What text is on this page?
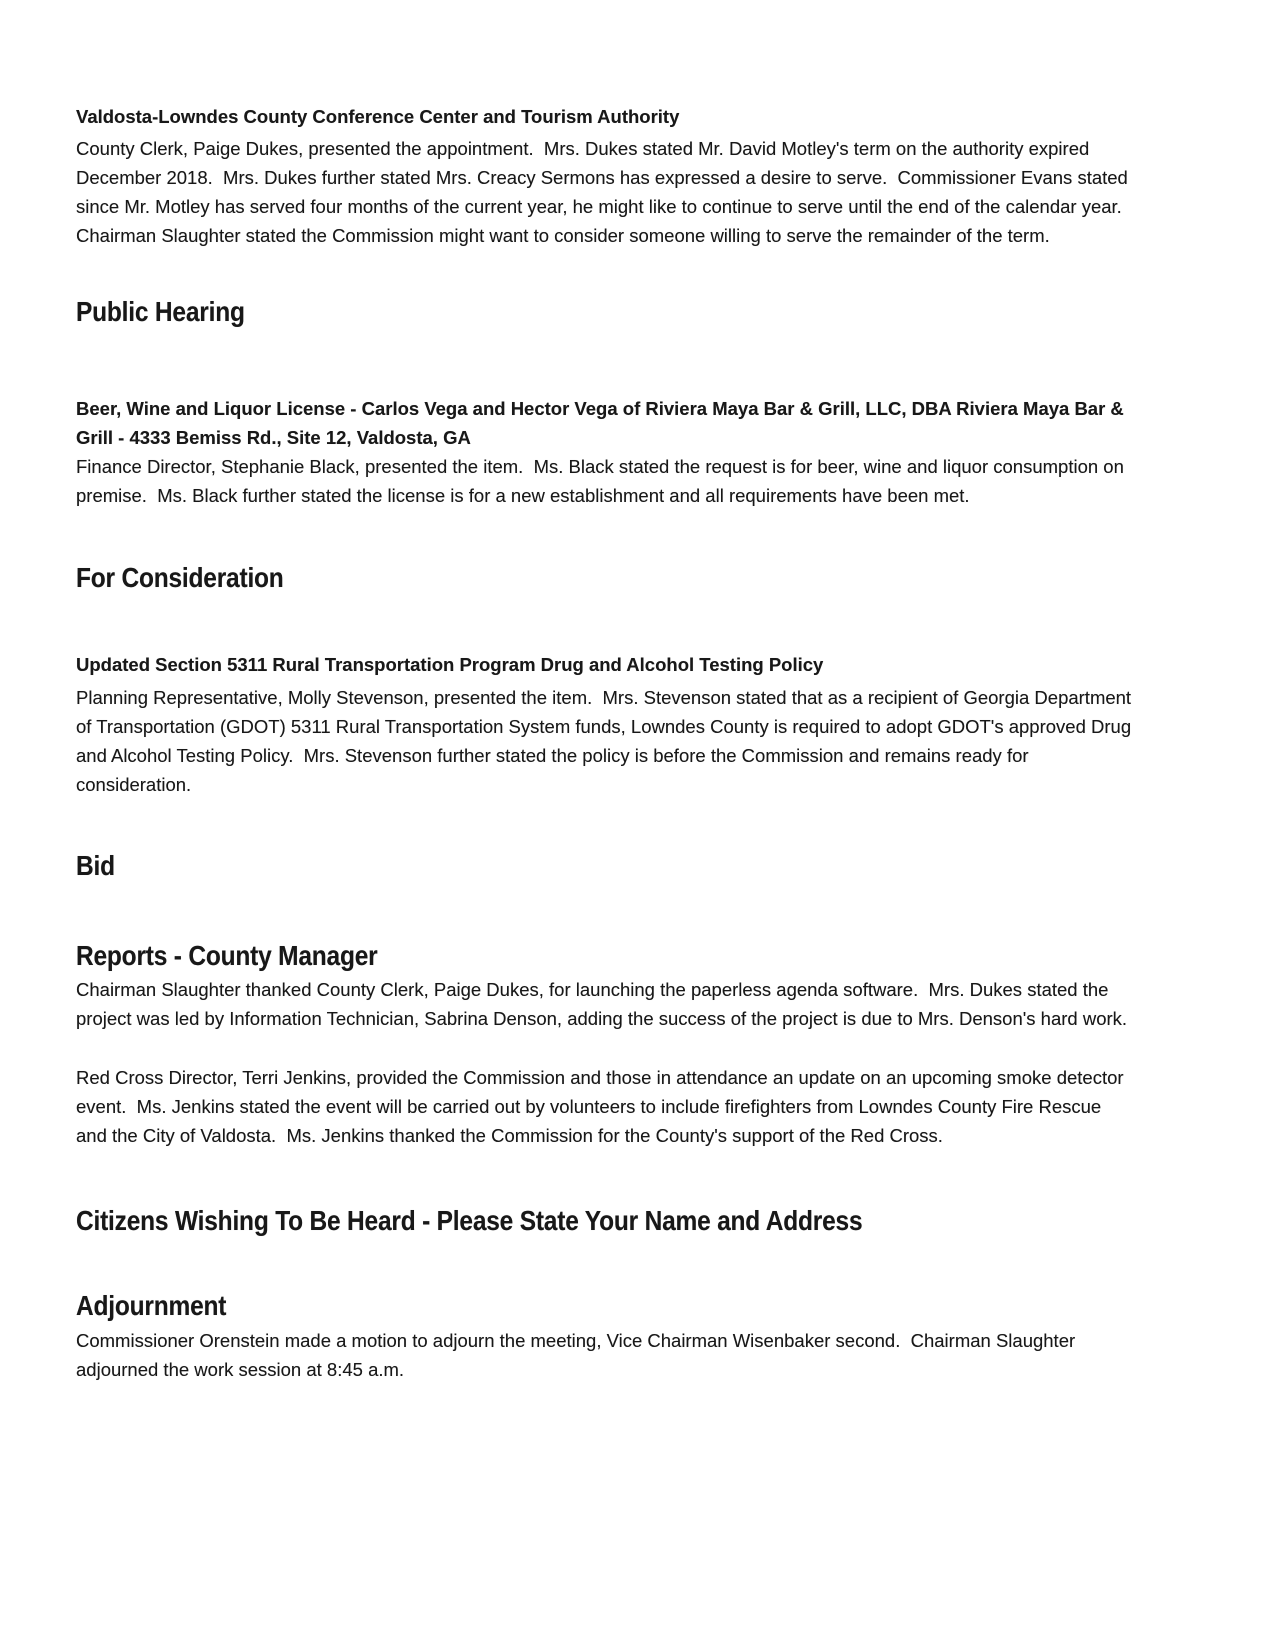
Valdosta-Lowndes County Conference Center and Tourism Authority
County Clerk, Paige Dukes, presented the appointment.  Mrs. Dukes stated Mr. David Motley's term on the authority expired December 2018.  Mrs. Dukes further stated Mrs. Creacy Sermons has expressed a desire to serve.  Commissioner Evans stated since Mr. Motley has served four months of the current year, he might like to continue to serve until the end of the calendar year.  Chairman Slaughter stated the Commission might want to consider someone willing to serve the remainder of the term.
Public Hearing
Beer, Wine and Liquor License - Carlos Vega and Hector Vega of Riviera Maya Bar & Grill, LLC, DBA Riviera Maya Bar & Grill - 4333 Bemiss Rd., Site 12, Valdosta, GA
Finance Director, Stephanie Black, presented the item.  Ms. Black stated the request is for beer, wine and liquor consumption on premise.  Ms. Black further stated the license is for a new establishment and all requirements have been met.
For Consideration
Updated Section 5311 Rural Transportation Program Drug and Alcohol Testing Policy
Planning Representative, Molly Stevenson, presented the item.  Mrs. Stevenson stated that as a recipient of Georgia Department of Transportation (GDOT) 5311 Rural Transportation System funds, Lowndes County is required to adopt GDOT's approved Drug and Alcohol Testing Policy.  Mrs. Stevenson further stated the policy is before the Commission and remains ready for consideration.
Bid
Reports - County Manager
Chairman Slaughter thanked County Clerk, Paige Dukes, for launching the paperless agenda software.  Mrs. Dukes stated the project was led by Information Technician, Sabrina Denson, adding the success of the project is due to Mrs. Denson's hard work.
Red Cross Director, Terri Jenkins, provided the Commission and those in attendance an update on an upcoming smoke detector event.  Ms. Jenkins stated the event will be carried out by volunteers to include firefighters from Lowndes County Fire Rescue and the City of Valdosta.  Ms. Jenkins thanked the Commission for the County's support of the Red Cross.
Citizens Wishing To Be Heard - Please State Your Name and Address
Adjournment
Commissioner Orenstein made a motion to adjourn the meeting, Vice Chairman Wisenbaker second.  Chairman Slaughter adjourned the work session at 8:45 a.m.
